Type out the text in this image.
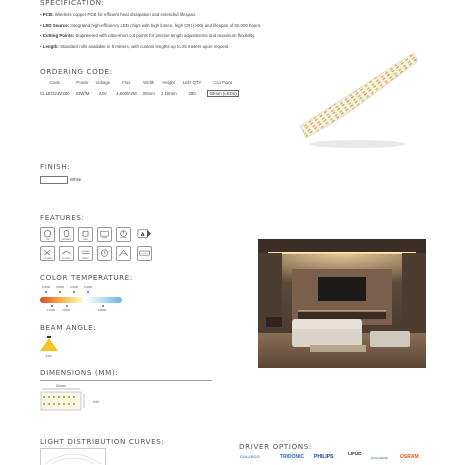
SPECIFICATION:
• PCB: Wireless copper PCB for efficient heat dissipation and extended lifespan.
• LED Source: Integrated high-efficiency LED chips with high lumen, high CRI (>90) and lifespan of 50,000 hours.
• Cutting Points: Engineered with ultra-short cut points for precise length adjustments and maximum flexibility.
• Length: Standard rolls available in 5 meters, with custom lengths up to 25 meters upon request.
ORDERING CODE:
Code	Power	Voltage	Flux	Width	Height	LED QTY	Cut Point
CLLEO24V280	33W/M	24V	4,500lm/M	20mm	1.10mm	280	50mm (LEDs)
FINISH:
White
FEATURES:
CRI	DIMMABLE	SMD
A
CUTTABLE	FLEXIBLE	WIRING
COLOR TEMPERATURE:
2,300K 3,000K 4,000K 5,000K
2,700K	3,500K	6,500K
BEAM ANGLE:
120°
DIMENSIONS (MM):
50mm
24V
LIGHT DISTRIBUTION CURVES:
DRIVER OPTIONS:
COLLECO	TRIDONIC PHILIPS
LIFUD
EAGLERISE OSRAM
